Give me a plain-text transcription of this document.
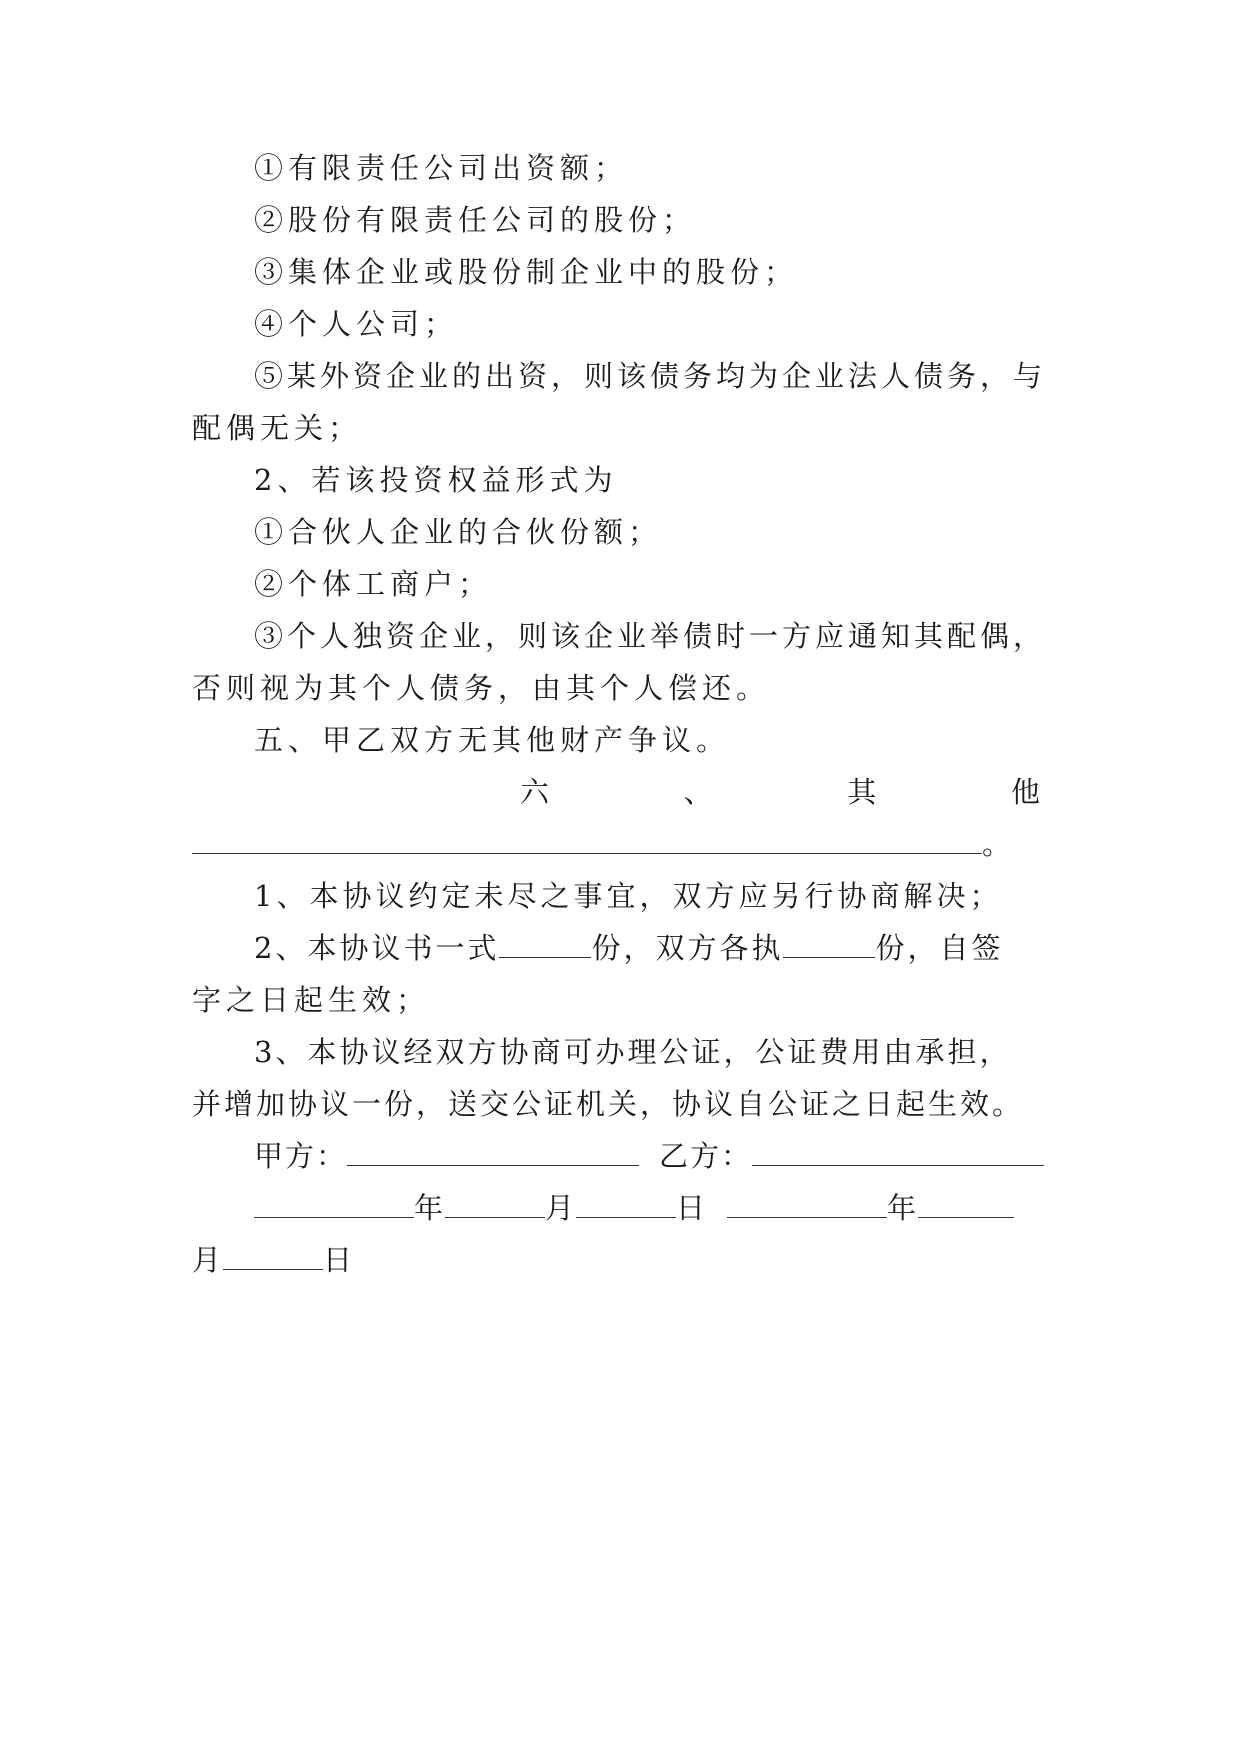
①有限责任公司出资额；
②股份有限责任公司的股份；
③集体企业或股份制企业中的股份；
④个人公司；
⑤某外资企业的出资，则该债务均为企业法人债务，与
配偶无关；
2、若该投资权益形式为
①合伙人企业的合伙份额；
②个体工商户；
③个人独资企业，则该企业举债时一方应通知其配偶，
否则视为其个人债务，由其个人偿还。
五、甲乙双方无其他财产争议。
六	、	其	他
。
1、本协议约定未尽之事宜，双方应另行协商解决；
2、本协议书一式	份，双方各执	份，自签
字之日起生效；
3、本协议经双方协商可办理公证，公证费用由承担，
并增加协议一份，送交公证机关，协议自公证之日起生效。
甲方：	乙方：
年	月	日	年
月	日
